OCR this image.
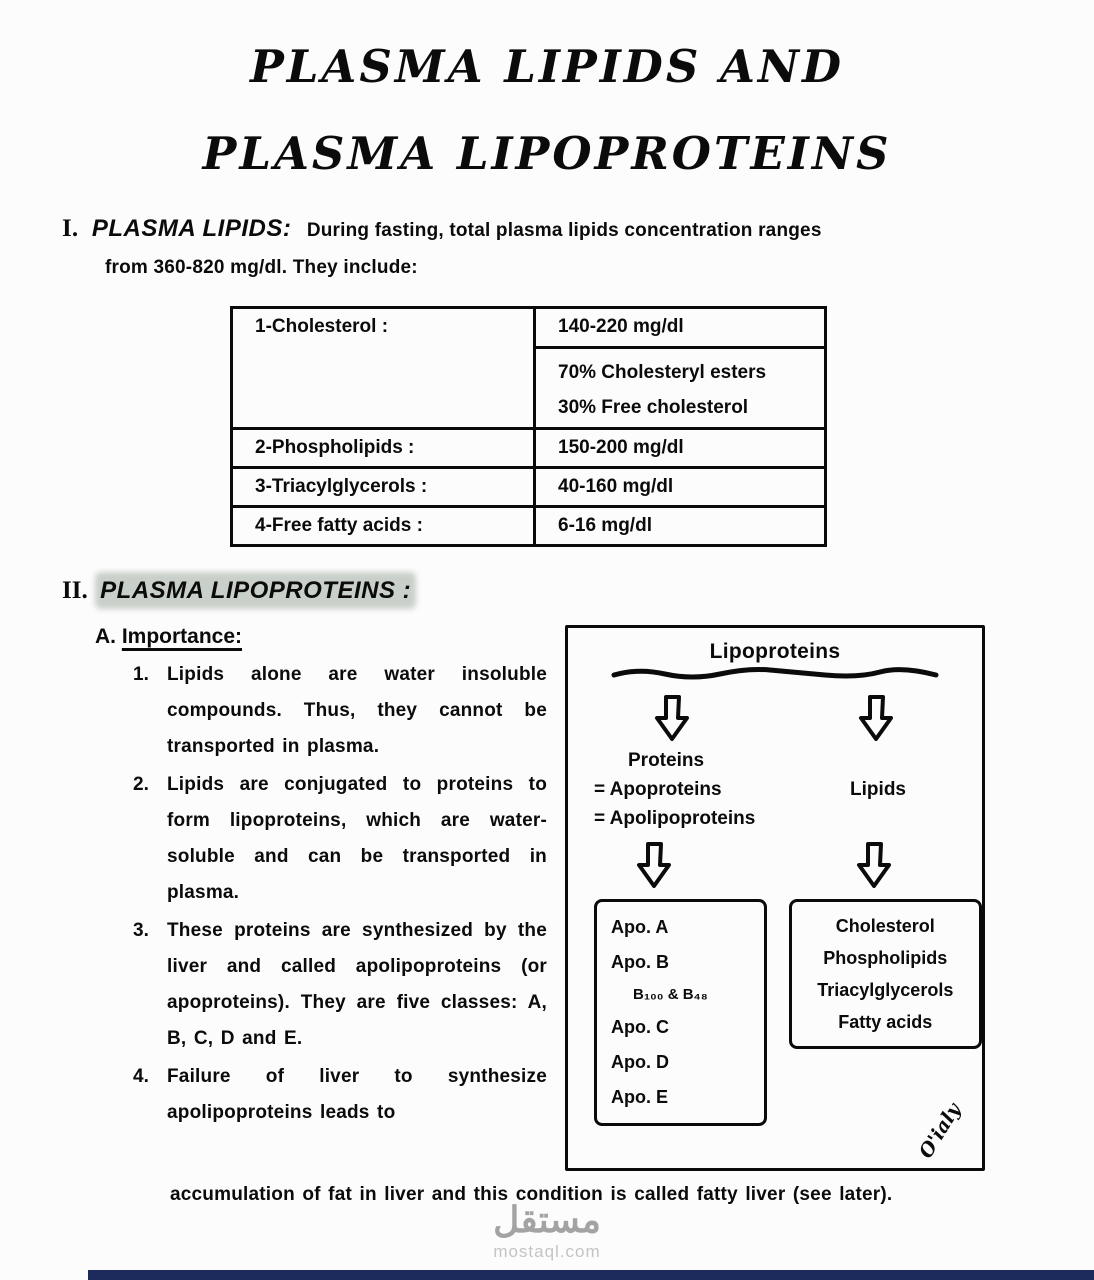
PLASMA LIPIDS AND
PLASMA LIPOPROTEINS
I. PLASMA LIPIDS: During fasting, total plasma lipids concentration ranges
from 360-820 mg/dl. They include:
1-Cholesterol :	140-220 mg/dl
70% Cholesteryl esters
30% Free cholesterol

2-Phospholipids :	150-200 mg/dl
3-Triacylglycerols :	40-160 mg/dl
4-Free fatty acids :	6-16 mg/dl
II. PLASMA LIPOPROTEINS :
A. Importance:
1. Lipids alone are water insoluble compounds. Thus, they cannot be transported in plasma.
2. Lipids are conjugated to proteins to form lipoproteins, which are water-soluble and can be transported in plasma.
3. These proteins are synthesized by the liver and called apolipoproteins (or apoproteins). They are five classes: A, B, C, D and E.
4. Failure of liver to synthesize apolipoproteins leads to
Lipoproteins
Proteins
= Apoproteins
= Apolipoproteins
Lipids
Apo. A
Apo. B
B₁₀₀ & B₄₈
Apo. C
Apo. D
Apo. E
Cholesterol
Phospholipids
Triacylglycerols
Fatty acids
O'ialy
accumulation of fat in liver and this condition is called fatty liver (see later).
مستقل
mostaql.com
